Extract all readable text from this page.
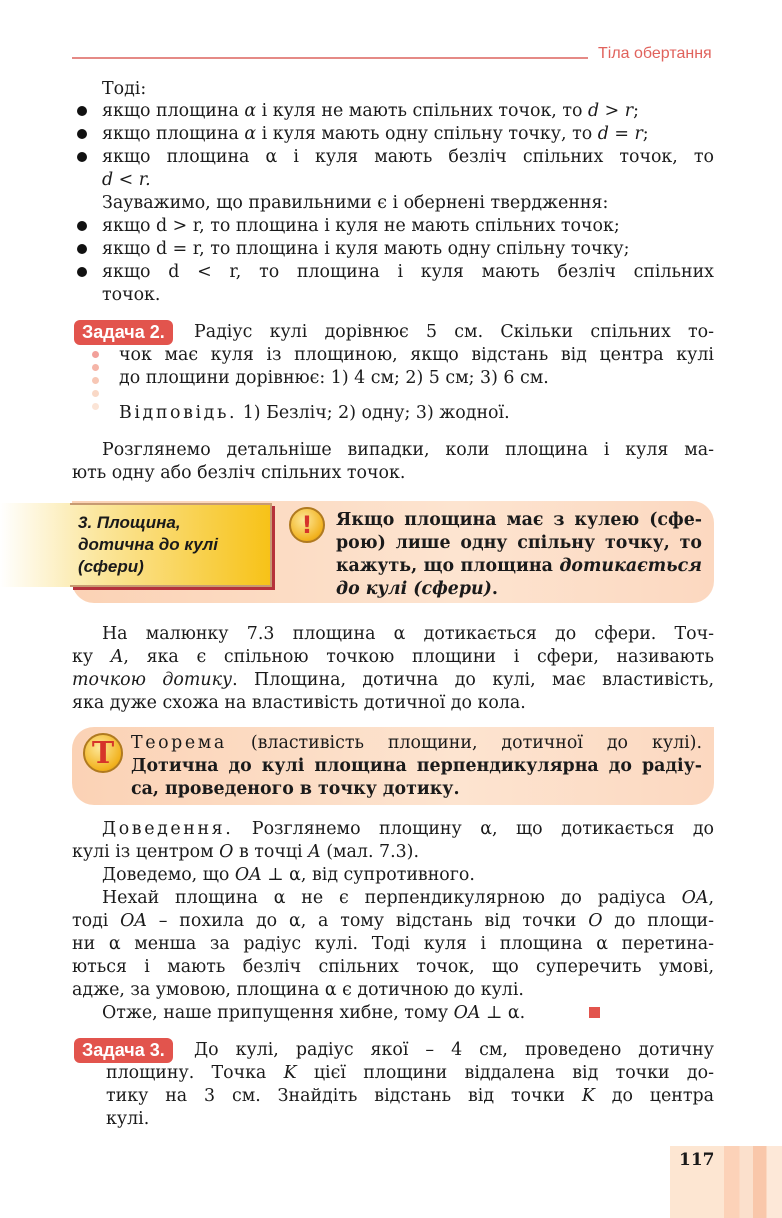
Тіла обертання
Тоді:
якщо площина α і куля не мають спільних точок, то d > r;
якщо площина α і куля мають одну спільну точку, то d = r;
якщо площина α і куля мають безліч спільних точок, то
d < r.
Зауважимо, що правильними є і обернені твердження:
якщо d > r, то площина і куля не мають спільних точок;
якщо d = r, то площина і куля мають одну спільну точку;
якщо d < r, то площина і куля мають безліч спільних
точок.
Задача 2.	Радіус кулі дорівнює 5 см. Скільки спільних то-
чок має куля із площиною, якщо відстань від центра кулі
до площини дорівнює: 1) 4 см; 2) 5 см; 3) 6 см.
Відповідь. 1) Безліч; 2) одну; 3) жодної.
Розглянемо детальніше випадки, коли площина і куля ма-
ють одну або безліч спільних точок.
3. Площина,
дотична до кулі
(сфери)
!	Якщо площина має з кулею (сфе-
рою) лише одну спільну точку, то
кажуть, що площина дотикається
до кулі (сфери).
На малюнку 7.3 площина α дотикається до сфери. Точ-
ку A, яка є спільною точкою площини і сфери, називають
точкою дотику. Площина, дотична до кулі, має властивість,
яка дуже схожа на властивість дотичної до кола.
T Теорема (властивість площини, дотичної до кулі).
Дотична до кулі площина перпендикулярна до радіу-
са, проведеного в точку дотику.
Доведення. Розглянемо площину α, що дотикається до
кулі із центром O в точці A (мал. 7.3).
Доведемо, що OA ⊥ α, від супротивного.
Нехай площина α не є перпендикулярною до радіуса OA,
тоді OA – похила до α, а тому відстань від точки O до площи-
ни α менша за радіус кулі. Тоді куля і площина α перетина-
ються і мають безліч спільних точок, що суперечить умові,
адже, за умовою, площина α є дотичною до кулі.
Отже, наше припущення хибне, тому OA ⊥ α.
Задача 3.	До кулі, радіус якої – 4 см, проведено дотичну
площину. Точка K цієї площини віддалена від точки до-
тику на 3 см. Знайдіть відстань від точки K до центра
кулі.
117
